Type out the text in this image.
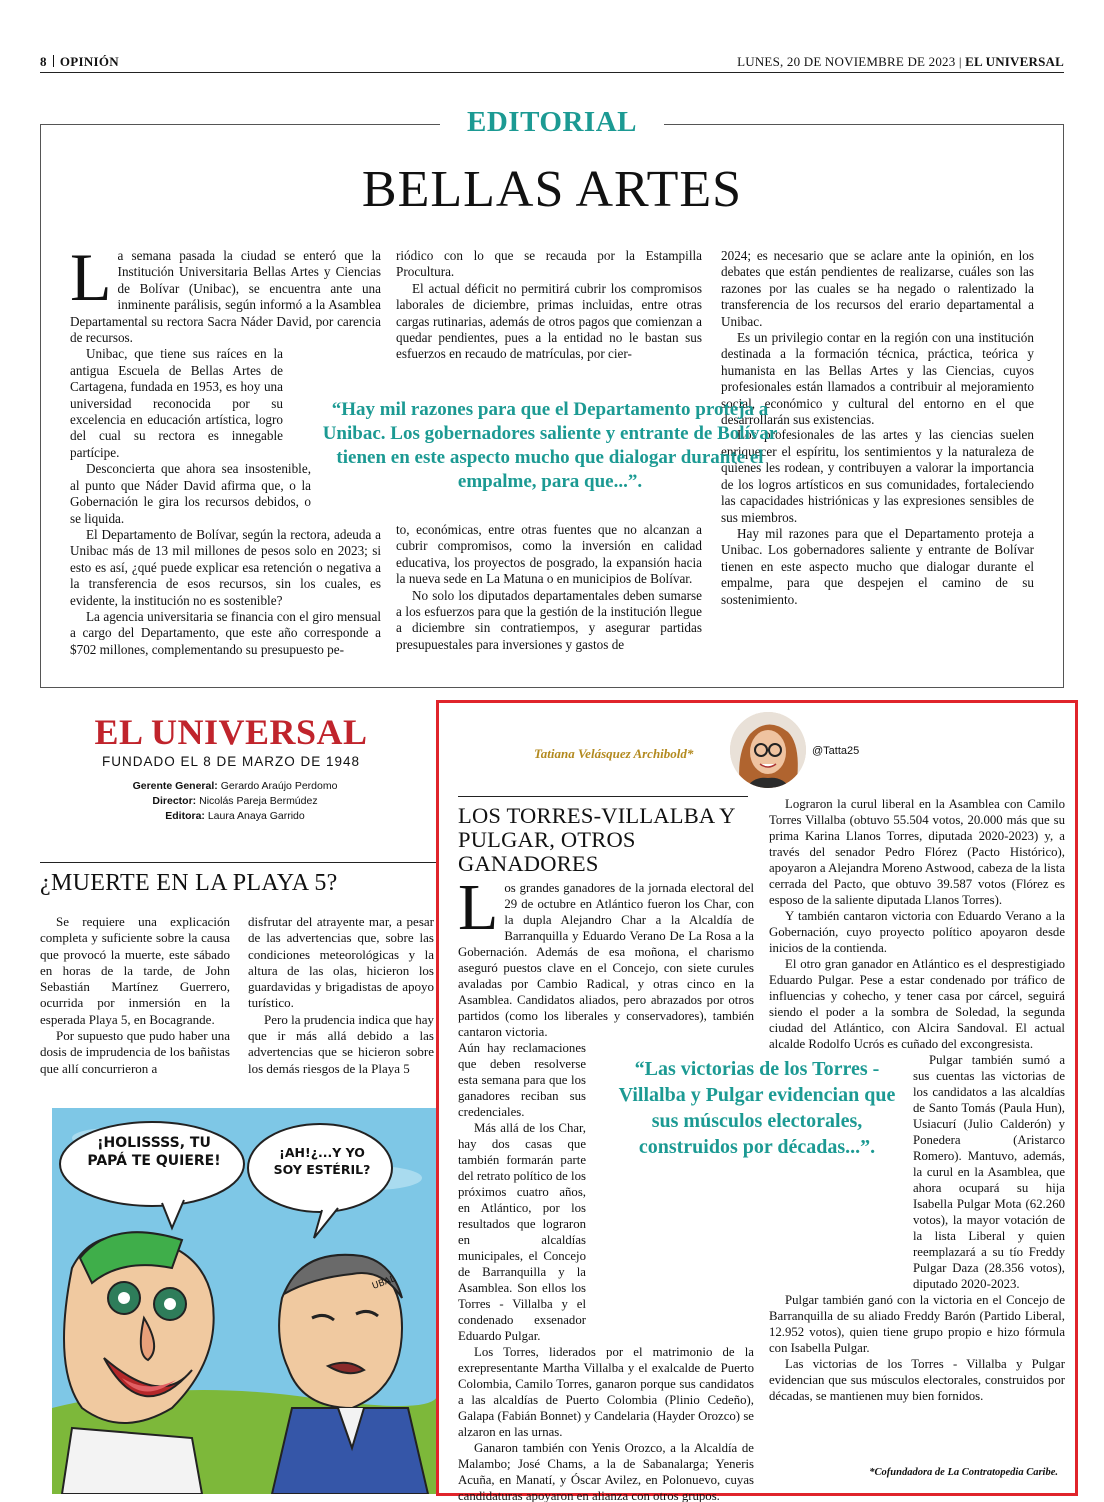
8 OPINIÓN	LUNES, 20 DE NOVIEMBRE DE 2023 | EL UNIVERSAL
EDITORIAL
BELLAS ARTES

La semana pasada la ciudad se enteró que la Institución Universitaria Bellas Artes y Ciencias de Bolívar (Unibac), se encuentra ante una inminente parálisis, según informó a la Asamblea Departamental su rectora Sacra Náder David, por carencia de recursos.

Unibac, que tiene sus raíces en la antigua Escuela de Bellas Artes de Cartagena, fundada en 1953, es hoy una universidad reconocida por su excelencia en educación artística, logro del cual su rectora es innegable partícipe.

Desconcierta que ahora sea insostenible, al punto que Náder David afirma que, o la Gobernación le gira los recursos debidos, o se liquida.

El Departamento de Bolívar, según la rectora, adeuda a Unibac más de 13 mil millones de pesos solo en 2023; si esto es así, ¿qué puede explicar esa retención o negativa a la transferencia de esos recursos, sin los cuales, es evidente, la institución no es sostenible?

La agencia universitaria se financia con el giro mensual a cargo del Departamento, que este año corresponde a $702 millones, complementando su presupuesto pe-

riódico con lo que se recauda por la Estampilla Procultura.

El actual déficit no permitirá cubrir los compromisos laborales de diciembre, primas incluidas, entre otras cargas rutinarias, además de otros pagos que comienzan a quedar pendientes, pues a la entidad no le bastan sus esfuerzos en recaudo de matrículas, por cier-

to, económicas, entre otras fuentes que no alcanzan a cubrir compromisos, como la inversión en calidad educativa, los proyectos de posgrado, la expansión hacia la nueva sede en La Matuna o en municipios de Bolívar.

No solo los diputados departamentales deben sumarse a los esfuerzos para que la gestión de la institución llegue a diciembre sin contratiempos, y asegurar partidas presupuestales para inversiones y gastos de

2024; es necesario que se aclare ante la opinión, en los debates que están pendientes de realizarse, cuáles son las razones por las cuales se ha negado o ralentizado la transferencia de los recursos del erario departamental a Unibac.

Es un privilegio contar en la región con una institución destinada a la formación técnica, práctica, teórica y humanista en las Bellas Artes y las Ciencias, cuyos profesionales están llamados a contribuir al mejoramiento social, económico y cultural del entorno en el que desarrollarán sus existencias.

Los profesionales de las artes y las ciencias suelen enriquecer el espíritu, los sentimientos y la naturaleza de quienes les rodean, y contribuyen a valorar la importancia de los logros artísticos en sus comunidades, fortaleciendo las capacidades histriónicas y las expresiones sensibles de sus miembros.

Hay mil razones para que el Departamento proteja a Unibac. Los gobernadores saliente y entrante de Bolívar tienen en este aspecto mucho que dialogar durante el empalme, para que despejen el camino de su sostenimiento.

“Hay mil razones para que el Departamento proteja a Unibac. Los gobernadores saliente y entrante de Bolívar tienen en este aspecto mucho que dialogar durante el empalme, para que...”.
EL UNIVERSAL
FUNDADO EL 8 DE MARZO DE 1948
Gerente General: Gerardo Araújo Perdomo
Director: Nicolás Pareja Bermúdez
Editora: Laura Anaya Garrido
¿MUERTE EN LA PLAYA 5?

Se requiere una explicación completa y suficiente sobre la causa que provocó la muerte, este sábado en horas de la tarde, de John Sebastián Martínez Guerrero, ocurrida por inmersión en la esperada Playa 5, en Bocagrande.

Por supuesto que pudo haber una dosis de imprudencia de los bañistas que allí concurrieron a

disfrutar del atrayente mar, a pesar de las advertencias que, sobre las condiciones meteorológicas y la altura de las olas, hicieron los guardavidas y brigadistas de apoyo turístico.

Pero la prudencia indica que hay que ir más allá debido a las advertencias que se hicieron sobre los demás riesgos de la Playa 5

¡HOLISSSS, TU PAPÁ TE QUIERE!
¡AH!¿...Y YO SOY ESTÉRIL?
UBAL
Tatiana Velásquez Archibold*	@Tatta25
LOS TORRES-VILLALBA Y PULGAR, OTROS GANADORES

Los grandes ganadores de la jornada electoral del 29 de octubre en Atlántico fueron los Char, con la dupla Alejandro Char a la Alcaldía de Barranquilla y Eduardo Verano De La Rosa a la Gobernación. Además de esa moñona, el charismo aseguró puestos clave en el Concejo, con siete curules avaladas por Cambio Radical, y otras cinco en la Asamblea. Candidatos aliados, pero abrazados por otros partidos (como los liberales y conservadores), también cantaron victoria.

Aún hay reclamaciones que deben resolverse esta semana para que los ganadores reciban sus credenciales.

Más allá de los Char, hay dos casas que también formarán parte del retrato político de los próximos cuatro años, en Atlántico, por los resultados que lograron en alcaldías municipales, el Concejo de Barranquilla y la Asamblea. Son ellos los Torres - Villalba y el condenado exsenador Eduardo Pulgar.

Los Torres, liderados por el matrimonio de la exrepresentante Martha Villalba y el exalcalde de Puerto Colombia, Camilo Torres, ganaron porque sus candidatos a las alcaldías de Puerto Colombia (Plinio Cedeño), Galapa (Fabián Bonnet) y Candelaria (Hayder Orozco) se alzaron en las urnas.

Ganaron también con Yenis Orozco, a la Alcaldía de Malambo; José Chams, a la de Sabanalarga; Yeneris Acuña, en Manatí, y Óscar Avilez, en Polonuevo, cuyas candidaturas apoyaron en alianza con otros grupos.

Lograron la curul liberal en la Asamblea con Camilo Torres Villalba (obtuvo 55.504 votos, 20.000 más que su prima Karina Llanos Torres, diputada 2020-2023) y, a través del senador Pedro Flórez (Pacto Histórico), apoyaron a Alejandra Moreno Astwood, cabeza de la lista cerrada del Pacto, que obtuvo 39.587 votos (Flórez es esposo de la saliente diputada Llanos Torres).

Y también cantaron victoria con Eduardo Verano a la Gobernación, cuyo proyecto político apoyaron desde inicios de la contienda.

El otro gran ganador en Atlántico es el desprestigiado Eduardo Pulgar. Pese a estar condenado por tráfico de influencias y cohecho, y tener casa por cárcel, seguirá siendo el poder a la sombra de Soledad, la segunda ciudad del Atlántico, con Alcira Sandoval. El actual alcalde Rodolfo Ucrós es cuñado del excongresista.

Pulgar también sumó a sus cuentas las victorias de los candidatos a las alcaldías de Santo Tomás (Paula Hun), Usiacurí (Julio Calderón) y Ponedera (Aristarco Romero). Mantuvo, además, la curul en la Asamblea, que ahora ocupará su hija Isabella Pulgar Mota (62.260 votos), la mayor votación de la lista Liberal y quien reemplazará a su tío Freddy Pulgar Daza (28.356 votos), diputado 2020-2023.

Pulgar también ganó con la victoria en el Concejo de Barranquilla de su aliado Freddy Barón (Partido Liberal, 12.952 votos), quien tiene grupo propio e hizo fórmula con Isabella Pulgar.

Las victorias de los Torres - Villalba y Pulgar evidencian que sus músculos electorales, construidos por décadas, se mantienen muy bien fornidos.

“Las victorias de los Torres - Villalba y Pulgar evidencian que sus músculos electorales, construidos por décadas...”.
*Cofundadora de La Contratopedia Caribe.
